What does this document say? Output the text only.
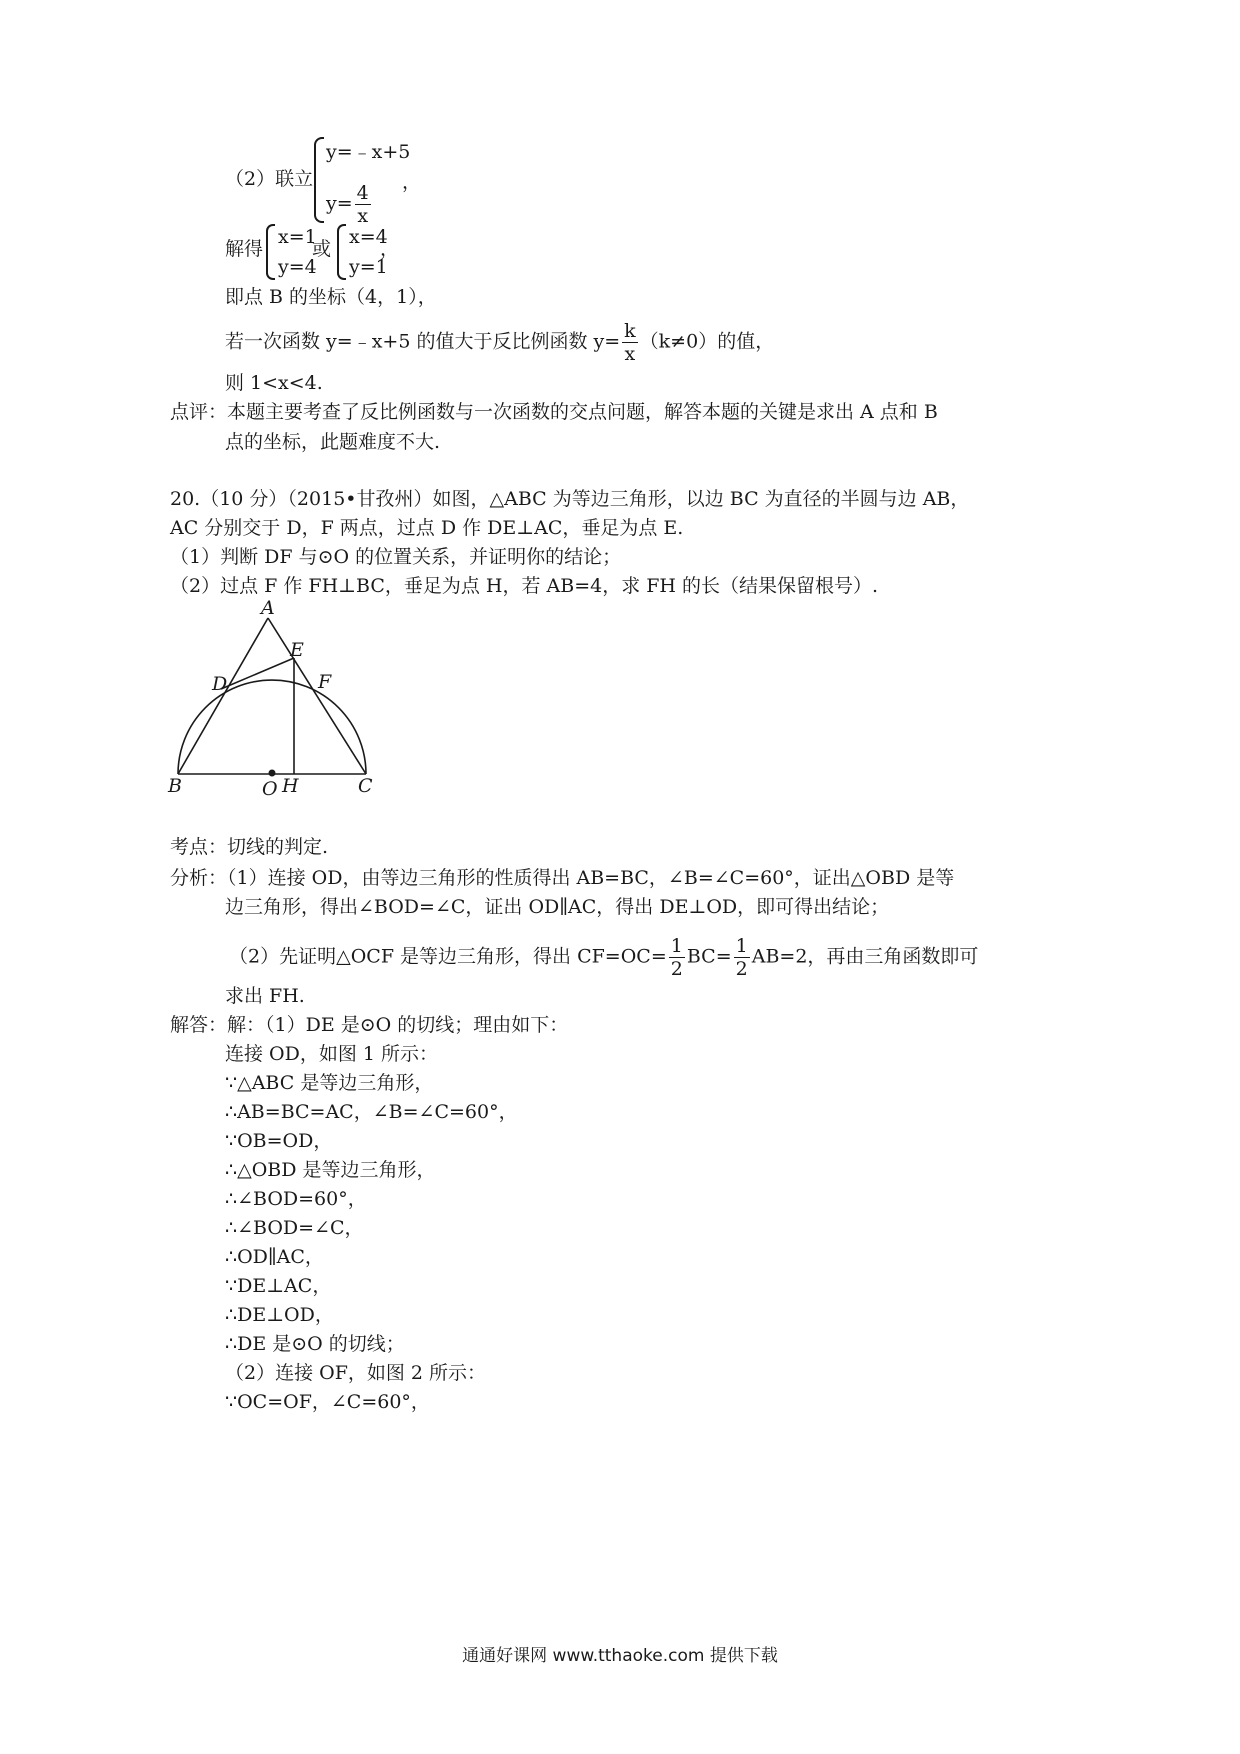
（2）联立
y=﹣x+5
$y= \frac{4}{x}$ ，
解得
x=1
y=4
或
x=4
y=1
，
即点 B 的坐标（4，1），
若一次函数 y=﹣x+5 的值大于反比例函数 $y= \frac{k}{x} (k\ne 0)$的值，
则 1<x<4.
点评：本题主要考查了反比例函数与一次函数的交点问题，解答本题的关键是求出 A 点和 B
点的坐标，此题难度不大.
20.（10 分）（2015•甘孜州）如图，△ABC 为等边三角形，以边 BC 为直径的半圆与边 AB，
AC 分别交于 D，F 两点，过点 D 作 DE⊥AC，垂足为点 E.
（1）判断 DF 与⊙O 的位置关系，并证明你的结论；
（2）过点 F 作 FH⊥BC，垂足为点 H，若 AB=4，求 FH 的长（结果保留根号）.
A
E
D	F
B	O H	C
考点：切线的判定.
分析：（1）连接 OD，由等边三角形的性质得出 AB=BC，∠B=∠C=60°，证出△OBD 是等
边三角形，得出∠BOD=∠C，证出 OD∥AC，得出 DE⊥OD，即可得出结论；
（2）先证明△OCF 是等边三角形，得出 $CF=OC= \frac{1}{2} BC= \frac{1}{2} AB=2$，再由三角函数即可
求出 FH.
解答：解：（1）DE 是⊙O 的切线；理由如下：
连接 OD，如图 1 所示：
∵△ABC 是等边三角形，
∴AB=BC=AC，∠B=∠C=60°，
∵OB=OD，
∴△OBD 是等边三角形，
∴∠BOD=60°，
∴∠BOD=∠C，
∴OD∥AC，
∵DE⊥AC，
∴DE⊥OD，
∴DE 是⊙O 的切线；
（2）连接 OF，如图 2 所示：
∵OC=OF，∠C=60°，
通通好课网 www.tthaoke.com 提供下载
